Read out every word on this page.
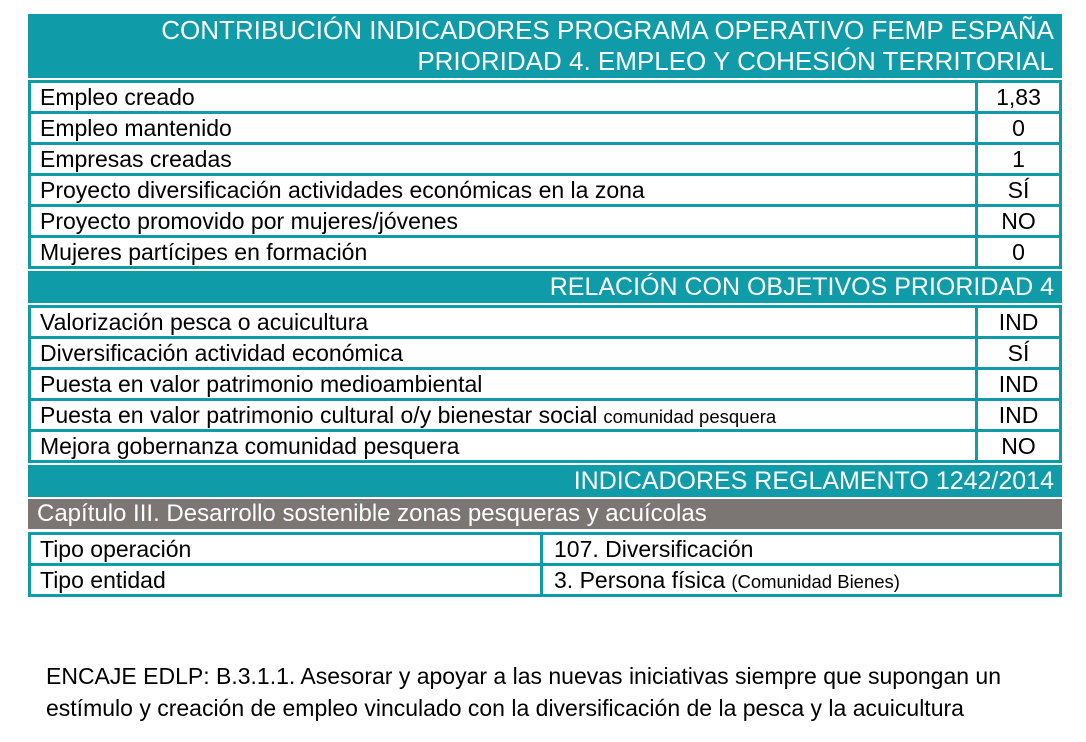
CONTRIBUCIÓN INDICADORES PROGRAMA OPERATIVO FEMP ESPAÑA
PRIORIDAD 4. EMPLEO Y COHESIÓN TERRITORIAL
Empleo creado	1,83
Empleo mantenido	0
Empresas creadas	1
Proyecto diversificación actividades económicas en la zona	SÍ
Proyecto promovido por mujeres/jóvenes	NO
Mujeres partícipes en formación	0
RELACIÓN CON OBJETIVOS PRIORIDAD 4
Valorización pesca o acuicultura	IND
Diversificación actividad económica	SÍ
Puesta en valor patrimonio medioambiental	IND
Puesta en valor patrimonio cultural o/y bienestar social comunidad pesquera	IND
Mejora gobernanza comunidad pesquera	NO
INDICADORES REGLAMENTO 1242/2014
Capítulo III. Desarrollo sostenible zonas pesqueras y acuícolas
Tipo operación	107. Diversificación
Tipo entidad	3. Persona física (Comunidad Bienes)

ENCAJE EDLP: B.3.1.1. Asesorar y apoyar a las nuevas iniciativas siempre que supongan un estímulo y creación de empleo vinculado con la diversificación de la pesca y la acuicultura
